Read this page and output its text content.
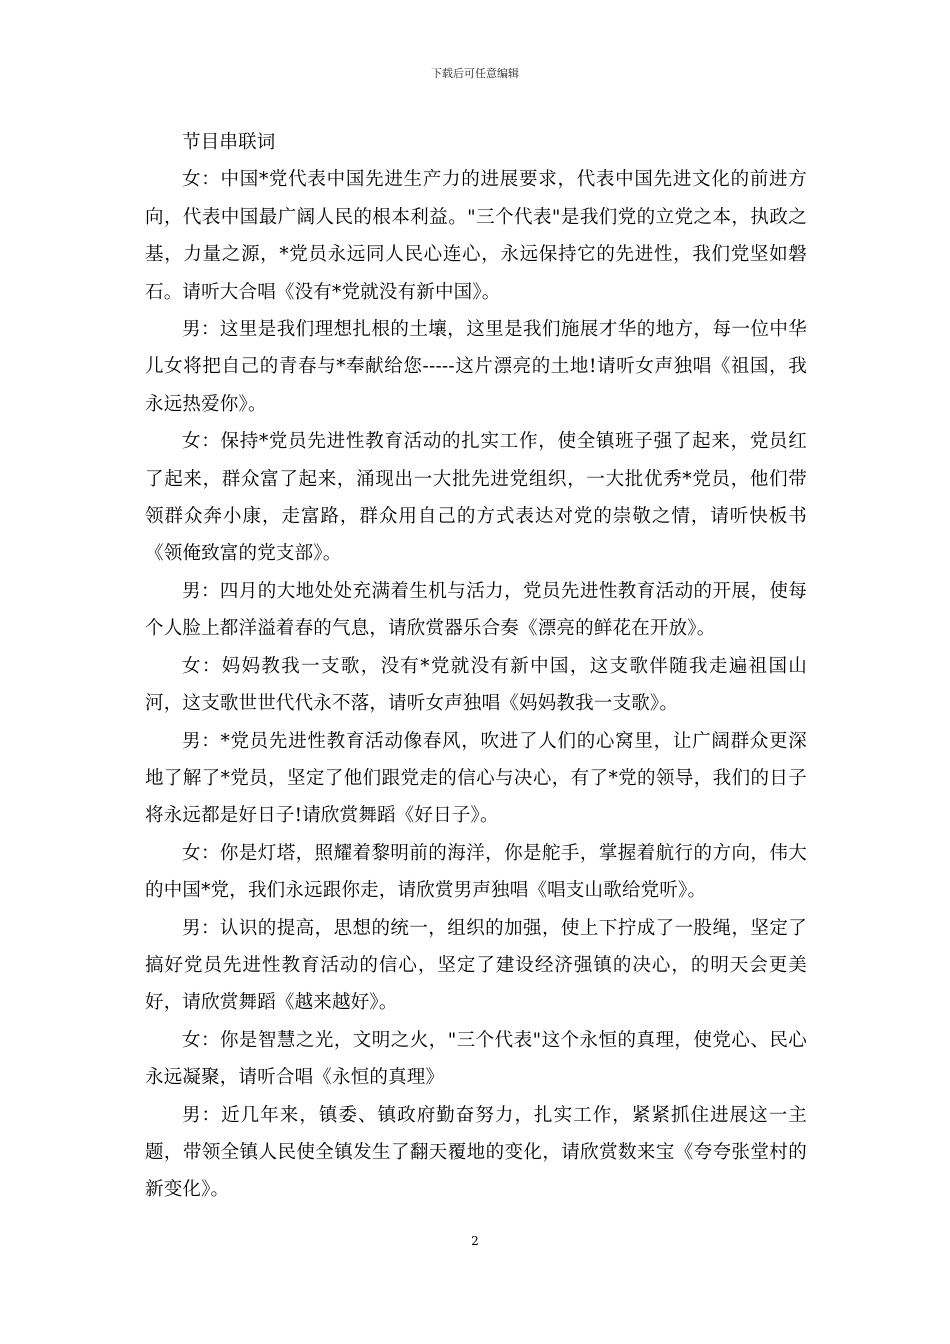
下载后可任意编辑

节目串联词

女：中国*党代表中国先进生产力的进展要求，代表中国先进文化的前进方向，代表中国最广阔人民的根本利益。"三个代表"是我们党的立党之本，执政之基，力量之源，*党员永远同人民心连心，永远保持它的先进性，我们党坚如磐石。请听大合唱《没有*党就没有新中国》。

男：这里是我们理想扎根的土壤，这里是我们施展才华的地方，每一位中华儿女将把自己的青春与*奉献给您-----这片漂亮的土地!请听女声独唱《祖国，我永远热爱你》。

女：保持*党员先进性教育活动的扎实工作，使全镇班子强了起来，党员红了起来，群众富了起来，涌现出一大批先进党组织，一大批优秀*党员，他们带领群众奔小康，走富路，群众用自己的方式表达对党的崇敬之情，请听快板书《领俺致富的党支部》。

男：四月的大地处处充满着生机与活力，党员先进性教育活动的开展，使每个人脸上都洋溢着春的气息，请欣赏器乐合奏《漂亮的鲜花在开放》。

女：妈妈教我一支歌，没有*党就没有新中国，这支歌伴随我走遍祖国山河，这支歌世世代代永不落，请听女声独唱《妈妈教我一支歌》。

男：*党员先进性教育活动像春风，吹进了人们的心窝里，让广阔群众更深地了解了*党员，坚定了他们跟党走的信心与决心，有了*党的领导，我们的日子将永远都是好日子!请欣赏舞蹈《好日子》。

女：你是灯塔，照耀着黎明前的海洋，你是舵手，掌握着航行的方向，伟大的中国*党，我们永远跟你走，请欣赏男声独唱《唱支山歌给党听》。

男：认识的提高，思想的统一，组织的加强，使上下拧成了一股绳，坚定了搞好党员先进性教育活动的信心，坚定了建设经济强镇的决心，的明天会更美好，请欣赏舞蹈《越来越好》。

女：你是智慧之光，文明之火，"三个代表"这个永恒的真理，使党心、民心永远凝聚，请听合唱《永恒的真理》

男：近几年来，镇委、镇政府勤奋努力，扎实工作，紧紧抓住进展这一主题，带领全镇人民使全镇发生了翻天覆地的变化，请欣赏数来宝《夸夸张堂村的新变化》。

2
